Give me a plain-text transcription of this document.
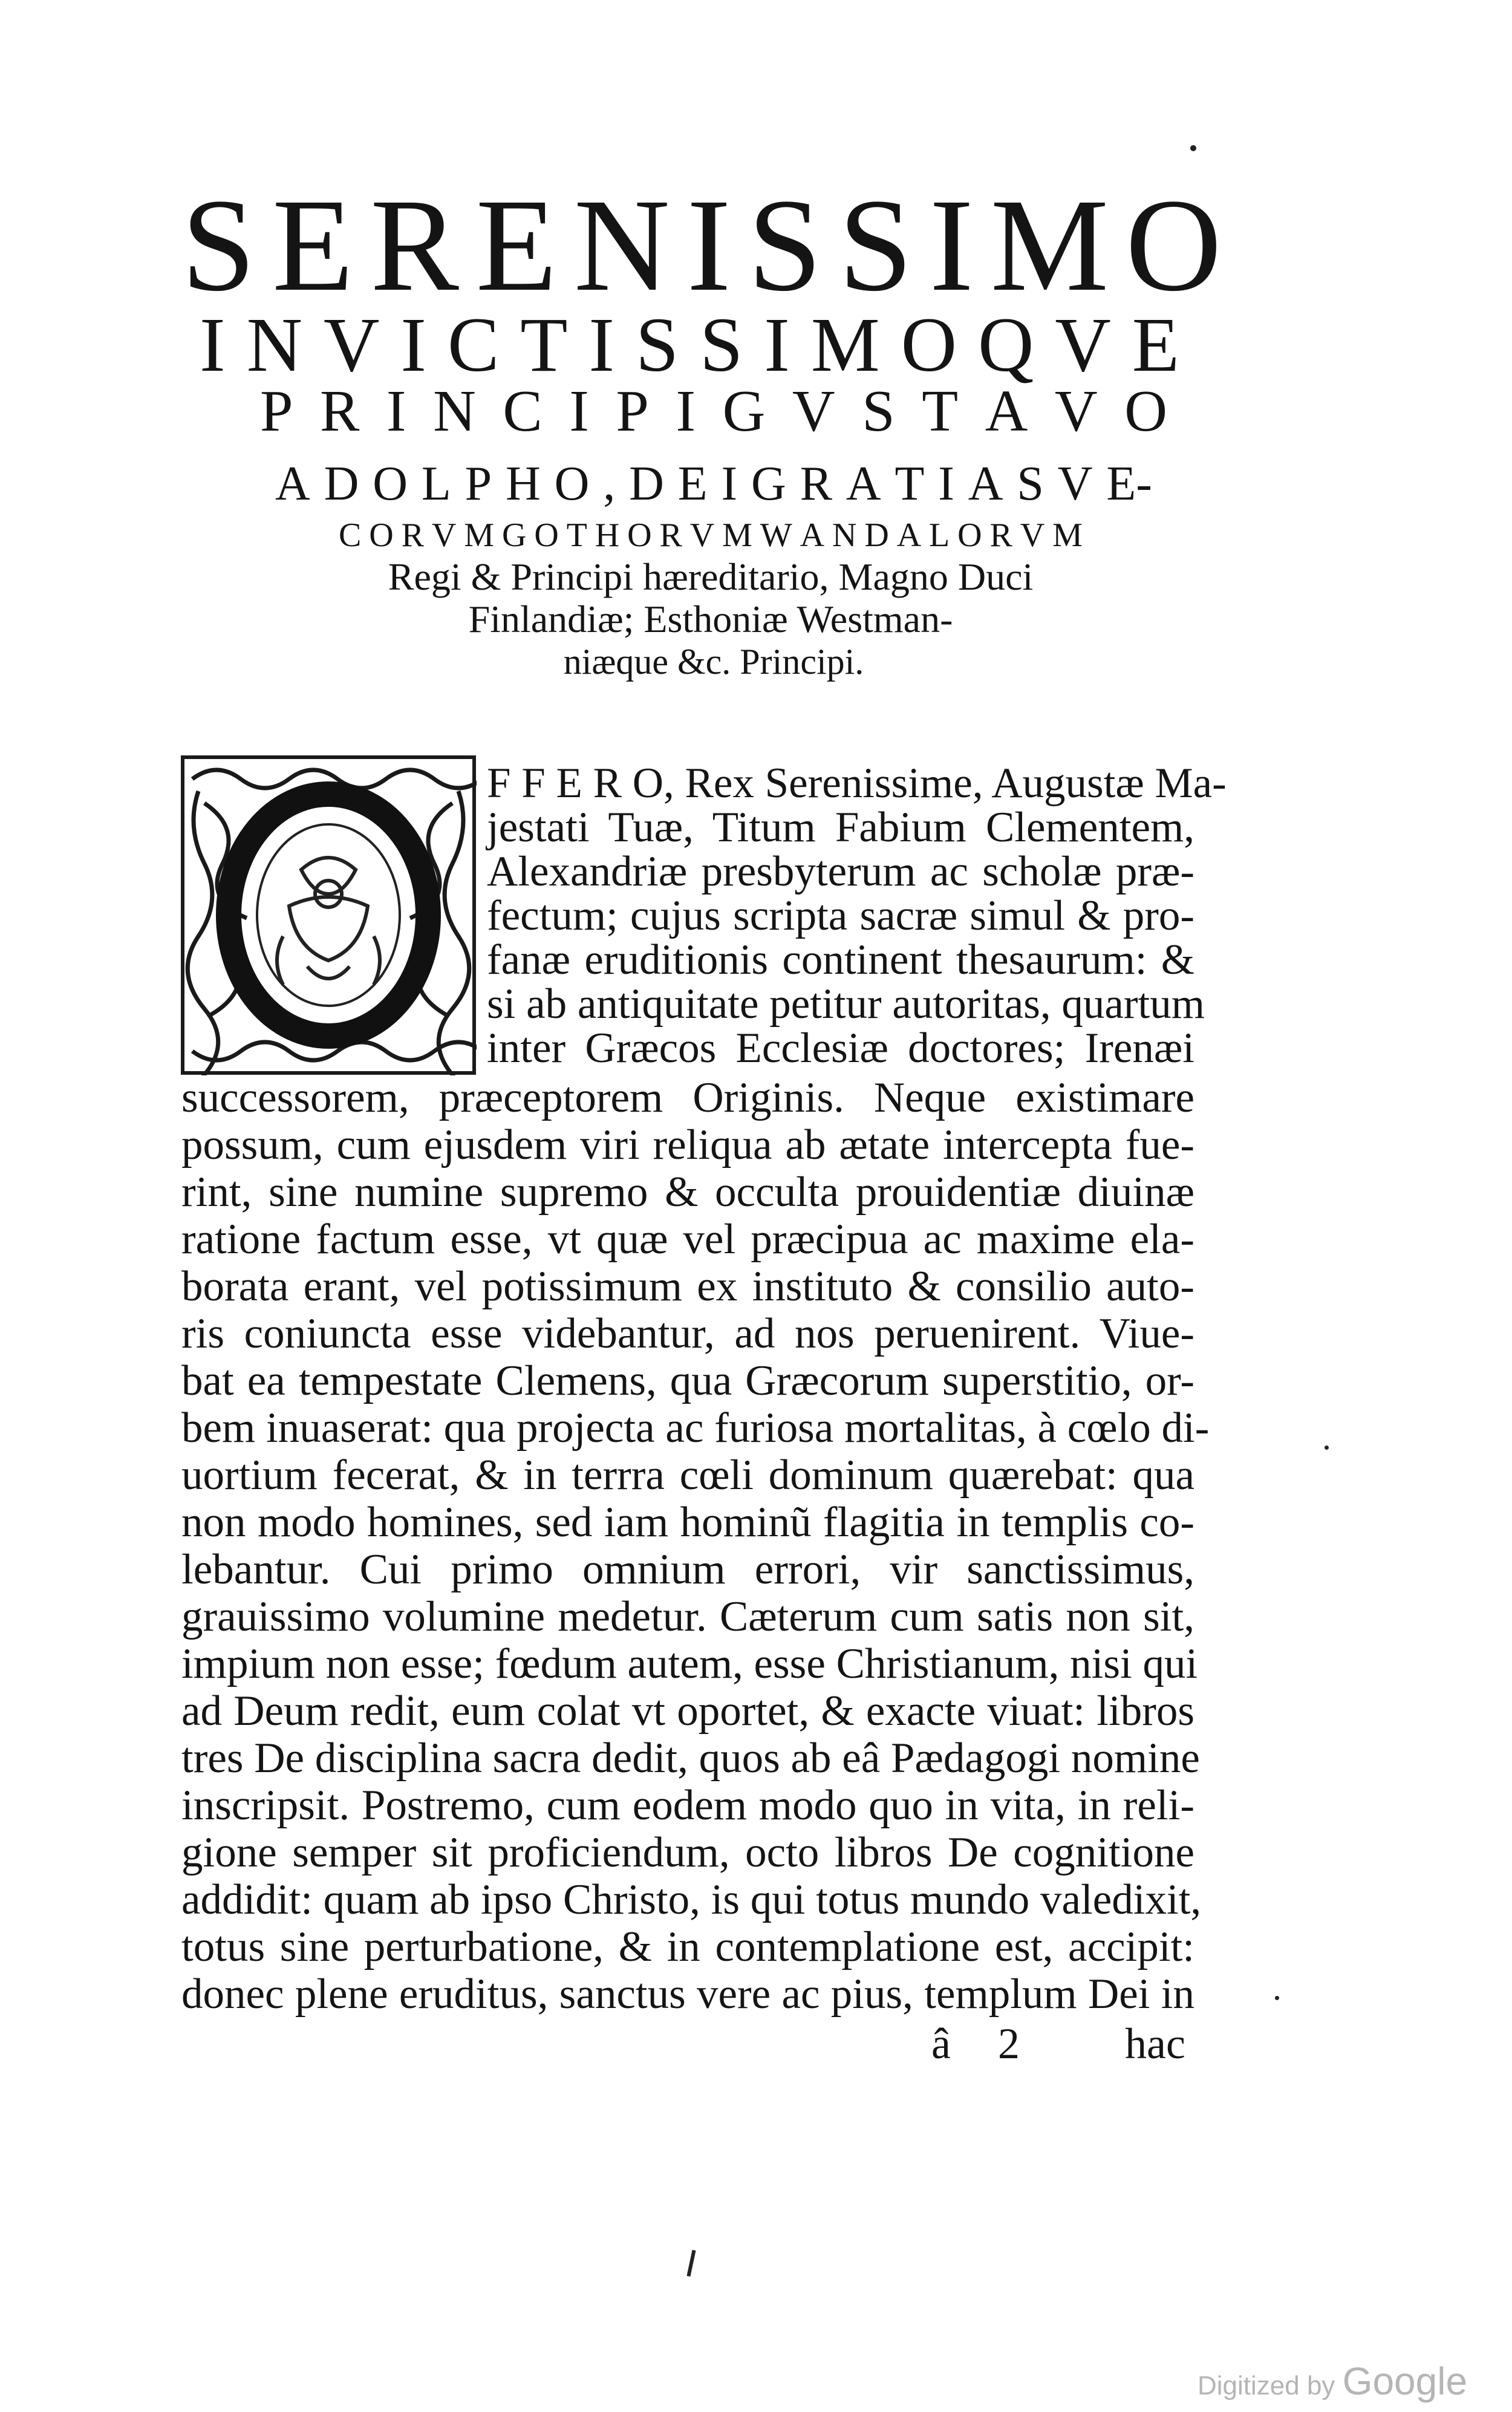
S E R E N I S S I M O
I N V I C T I S S I M O Q V E
P R I N C I P I G V S T A V O
A D O L P H O , D E I G R A T I A S V E-
C O R V M G O T H O R V M W A N D A L O R V M
Regi & Principi hæreditario, Magno Duci
Finlandiæ; Esthoniæ Westman-
niæque &c. Principi.
F F E R O, Rex Serenissime, Augustæ Ma-
jestati Tuæ, Titum Fabium Clementem,
Alexandriæ presbyterum ac scholæ præ-
fectum; cujus scripta sacræ simul & pro-
fanæ eruditionis continent thesaurum: &
si ab antiquitate petitur autoritas, quartum
inter Græcos Ecclesiæ doctores; Irenæi
successorem, præceptorem Originis. Neque existimare
possum, cum ejusdem viri reliqua ab ætate intercepta fue-
rint, sine numine supremo & occulta prouidentiæ diuinæ
ratione factum esse, vt quæ vel præcipua ac maxime ela-
borata erant, vel potissimum ex instituto & consilio auto-
ris coniuncta esse videbantur, ad nos peruenirent. Viue-
bat ea tempestate Clemens, qua Græcorum superstitio, or-
bem inuaserat: qua projecta ac furiosa mortalitas, à cœlo di-
uortium fecerat, & in terrra cœli dominum quærebat: qua
non modo homines, sed iam hominũ flagitia in templis co-
lebantur. Cui primo omnium errori, vir sanctissimus,
grauissimo volumine medetur. Cæterum cum satis non sit,
impium non esse; fœdum autem, esse Christianum, nisi qui
ad Deum redit, eum colat vt oportet, & exacte viuat: libros
tres De disciplina sacra dedit, quos ab eâ Pædagogi nomine
inscripsit. Postremo, cum eodem modo quo in vita, in reli-
gione semper sit proficiendum, octo libros De cognitione
addidit: quam ab ipso Christo, is qui totus mundo valedixit,
totus sine perturbatione, & in contemplatione est, accipit:
donec plene eruditus, sanctus vere ac pius, templum Dei in
â 2 hac
Digitized by Google
